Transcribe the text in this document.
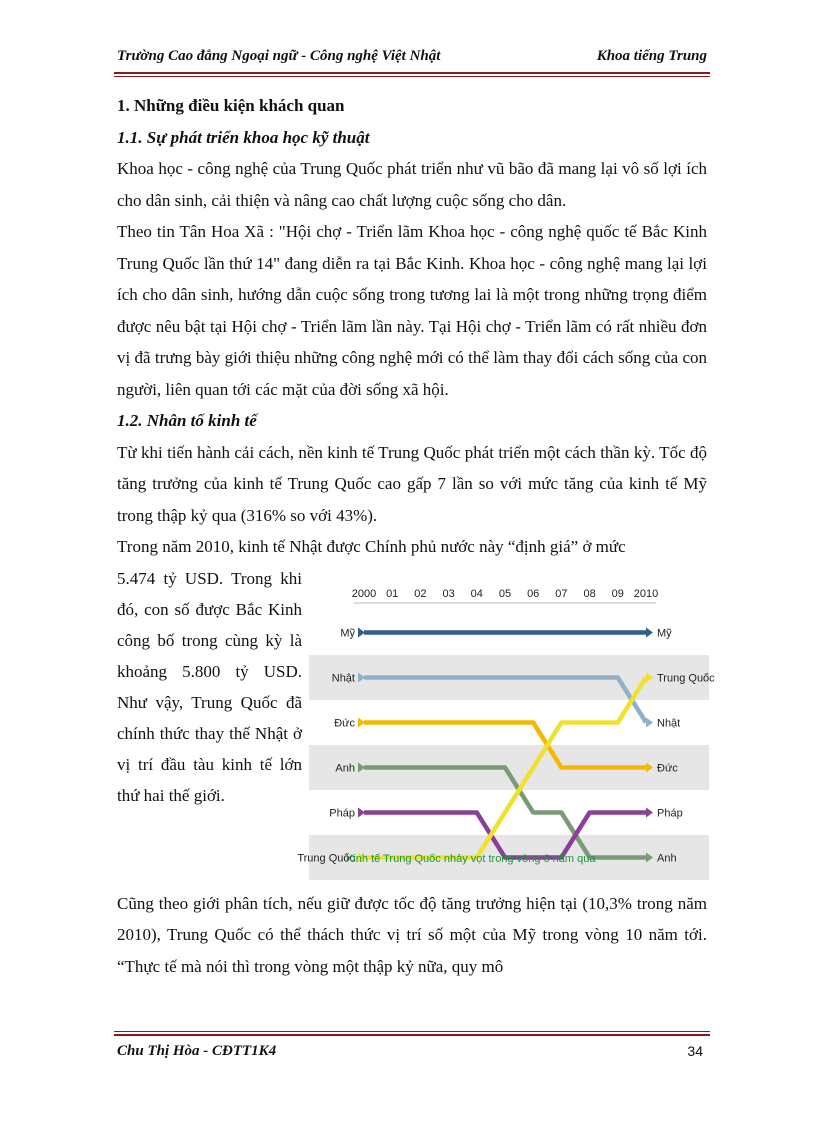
Trường Cao đẳng Ngoại ngữ - Công nghệ Việt Nhật	Khoa tiếng Trung

1. Những điều kiện khách quan

1.1. Sự phát triển khoa học kỹ thuật

Khoa học - công nghệ của Trung Quốc phát triển như vũ bão đã mang lại vô số lợi ích cho dân sinh, cải thiện và nâng cao chất lượng cuộc sống cho dân.

Theo tin Tân Hoa Xã : "Hội chợ - Triển lãm Khoa học - công nghệ quốc tế Bắc Kinh Trung Quốc lần thứ 14" đang diễn ra tại Bắc Kinh. Khoa học - công nghệ mang lại lợi ích cho dân sinh, hướng dẫn cuộc sống trong tương lai là một trong những trọng điểm được nêu bật tại Hội chợ - Triển lãm lần này. Tại Hội chợ - Triển lãm có rất nhiều đơn vị đã trưng bày giới thiệu những công nghệ mới có thể làm thay đổi cách sống của con người, liên quan tới các mặt của đời sống xã hội.

1.2. Nhân tố kinh tế

Từ khi tiến hành cải cách, nền kinh tế Trung Quốc phát triển một cách thần kỳ. Tốc độ tăng trưởng của kinh tế Trung Quốc cao gấp 7 lần so với mức tăng của kinh tế Mỹ trong thập kỷ qua (316% so với 43%).

Trong năm 2010, kinh tế Nhật được Chính phủ nước này “định giá” ở mức

5.474 tỷ USD. Trong khi đó, con số được Bắc Kinh công bố trong cùng kỳ là khoảng 5.800 tỷ USD. Như vậy, Trung Quốc đã chính thức thay thế Nhật ở vị trí đầu tàu kinh tế lớn thứ hai thế giới.

2000 01 02 03 04 05 06 07 08 09 2010
Mỹ	Mỹ
Nhật
Nhật
Đức
Đức
Anh
Anh
Pháp	Pháp
Trung Quốc
Trung Quốc
Kinh tế Trung Quốc nhảy vọt trong vòng 6 năm qua

Cũng theo giới phân tích, nếu giữ được tốc độ tăng trưởng hiện tại (10,3% trong năm 2010), Trung Quốc có thể thách thức vị trí số một của Mỹ trong vòng 10 năm tới. “Thực tế mà nói thì trong vòng một thập kỷ nữa, quy mô

Chu Thị Hòa - CĐTT1K4	34
